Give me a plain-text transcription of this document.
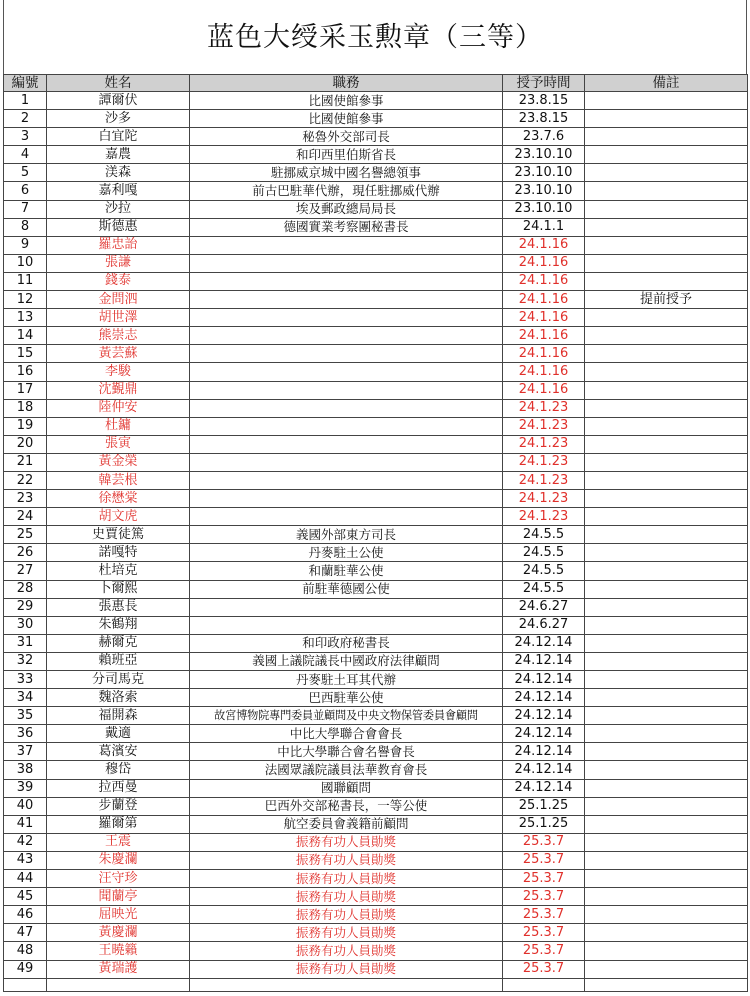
蓝色大绶采玉勲章（三等）
編號	姓名	職務	授予時間	備註
1	譚爾伏	比國使館參事	23.8.15	
2	沙多	比國使館參事	23.8.15	
3	白宜陀	秘魯外交部司長	23.7.6	
4	嘉農	和印西里伯斯省長	23.10.10	
5	渼森	駐挪威京城中國名譽總領事	23.10.10	
6	嘉利嘎	前古巴駐華代辦，現任駐挪威代辦	23.10.10	
7	沙拉	埃及郵政總局局長	23.10.10	
8	斯德惠	德國實業考察團秘書長	24.1.1	
9	羅忠詒		24.1.16	
10	張謙		24.1.16	
11	錢泰		24.1.16	
12	金問泗		24.1.16	提前授予
13	胡世澤		24.1.16	
14	熊崇志		24.1.16	
15	黃芸蘇		24.1.16	
16	李駿		24.1.16	
17	沈覲鼎		24.1.16	
18	陸仲安		24.1.23	
19	杜鏞		24.1.23	
20	張寅		24.1.23	
21	黃金榮		24.1.23	
22	韓芸根		24.1.23	
23	徐懋棠		24.1.23	
24	胡文虎		24.1.23	
25	史賈徒篤	義國外部東方司長	24.5.5	
26	諾嘎特	丹麥駐土公使	24.5.5	
27	杜培克	和蘭駐華公使	24.5.5	
28	卜爾熙	前駐華德國公使	24.5.5	
29	張惠長		24.6.27	
30	朱鶴翔		24.6.27	
31	赫爾克	和印政府秘書長	24.12.14	
32	賴班亞	義國上議院議長中國政府法律顧問	24.12.14	
33	分司馬克	丹麥駐土耳其代辦	24.12.14	
34	魏洛索	巴西駐華公使	24.12.14	
35	福開森	故宮博物院專門委員並顧問及中央文物保管委員會顧問	24.12.14	
36	戴適	中比大學聯合會會長	24.12.14	
37	葛濱安	中比大學聯合會名譽會長	24.12.14	
38	穆岱	法國眾議院議員法華教育會長	24.12.14	
39	拉西曼	國聯顧問	24.12.14	
40	步蘭登	巴西外交部秘書長，一等公使	25.1.25	
41	羅爾第	航空委員會義籍前顧問	25.1.25	
42	王震	振務有功人員勛獎	25.3.7	
43	朱慶瀾	振務有功人員勛獎	25.3.7	
44	汪守珍	振務有功人員勛獎	25.3.7	
45	聞蘭亭	振務有功人員勛獎	25.3.7	
46	屈映光	振務有功人員勛獎	25.3.7	
47	黃慶瀾	振務有功人員勛獎	25.3.7	
48	王曉籟	振務有功人員勛獎	25.3.7	
49	黃瑞護	振務有功人員勛獎	25.3.7	
